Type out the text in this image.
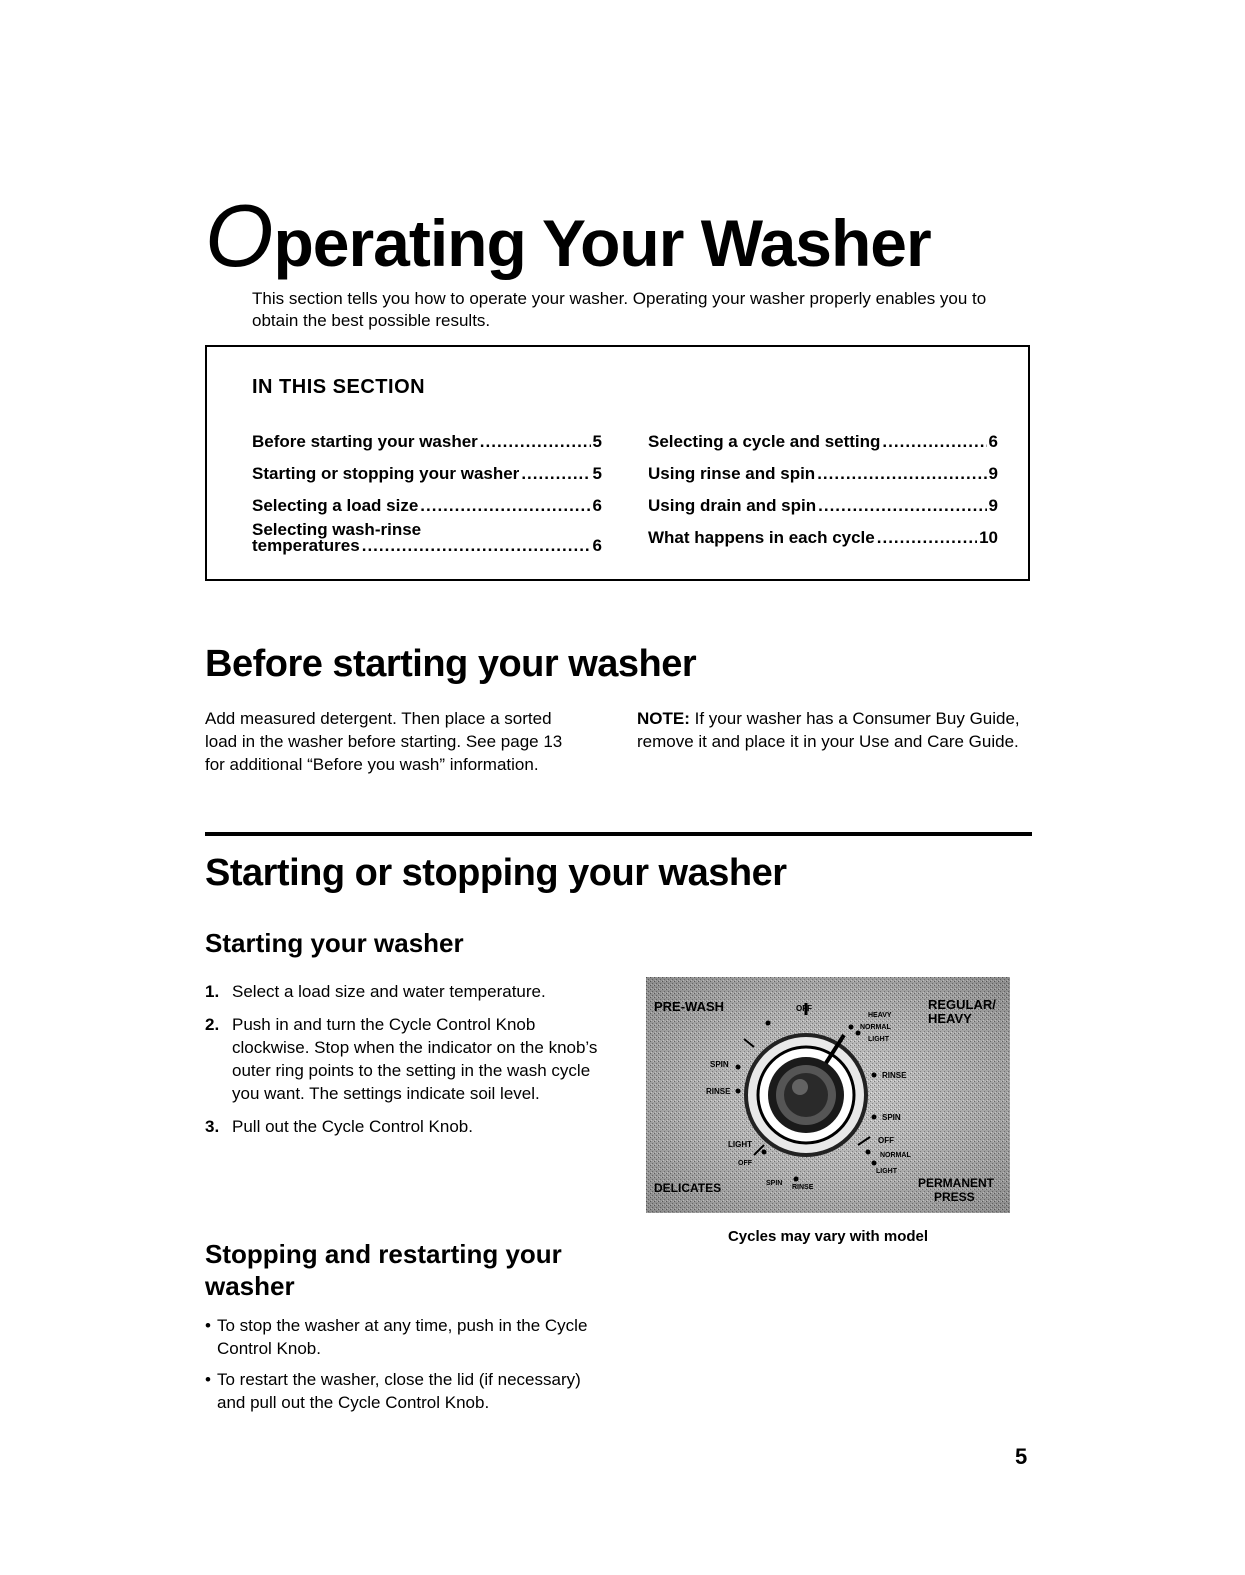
Operating Your Washer
This section tells you how to operate your washer. Operating your washer properly enables you to obtain the best possible results.
IN THIS SECTION
Before starting your washer .....	5
Starting or stopping your washer .....	5
Selecting a load size .....	6
Selecting wash-rinse
temperatures .....	6
Selecting a cycle and setting .....	6
Using rinse and spin .....	9
Using drain and spin .....	9
What happens in each cycle .....	10
Before starting your washer
Add measured detergent. Then place a sorted load in the washer before starting. See page 13 for additional “Before you wash” information.
NOTE: If your washer has a Consumer Buy Guide, remove it and place it in your Use and Care Guide.
Starting or stopping your washer
Starting your washer
1. Select a load size and water temperature.
2. Push in and turn the Cycle Control Knob clockwise. Stop when the indicator on the knob’s outer ring points to the setting in the wash cycle you want. The settings indicate soil level.
3. Pull out the Cycle Control Knob.
Stopping and restarting your washer
• To stop the washer at any time, push in the Cycle Control Knob.
• To restart the washer, close the lid (if necessary) and pull out the Cycle Control Knob.
PRE-WASH	REGULAR/
HEAVY
DELICATES	PERMANENT
PRESS
OFF
SPIN
RINSE
RINSE
SPIN
HEAVY
NORMAL
LIGHT
LIGHT
OFF
SPIN
RINSE
OFF
NORMAL
LIGHT
Cycles may vary with model
5
